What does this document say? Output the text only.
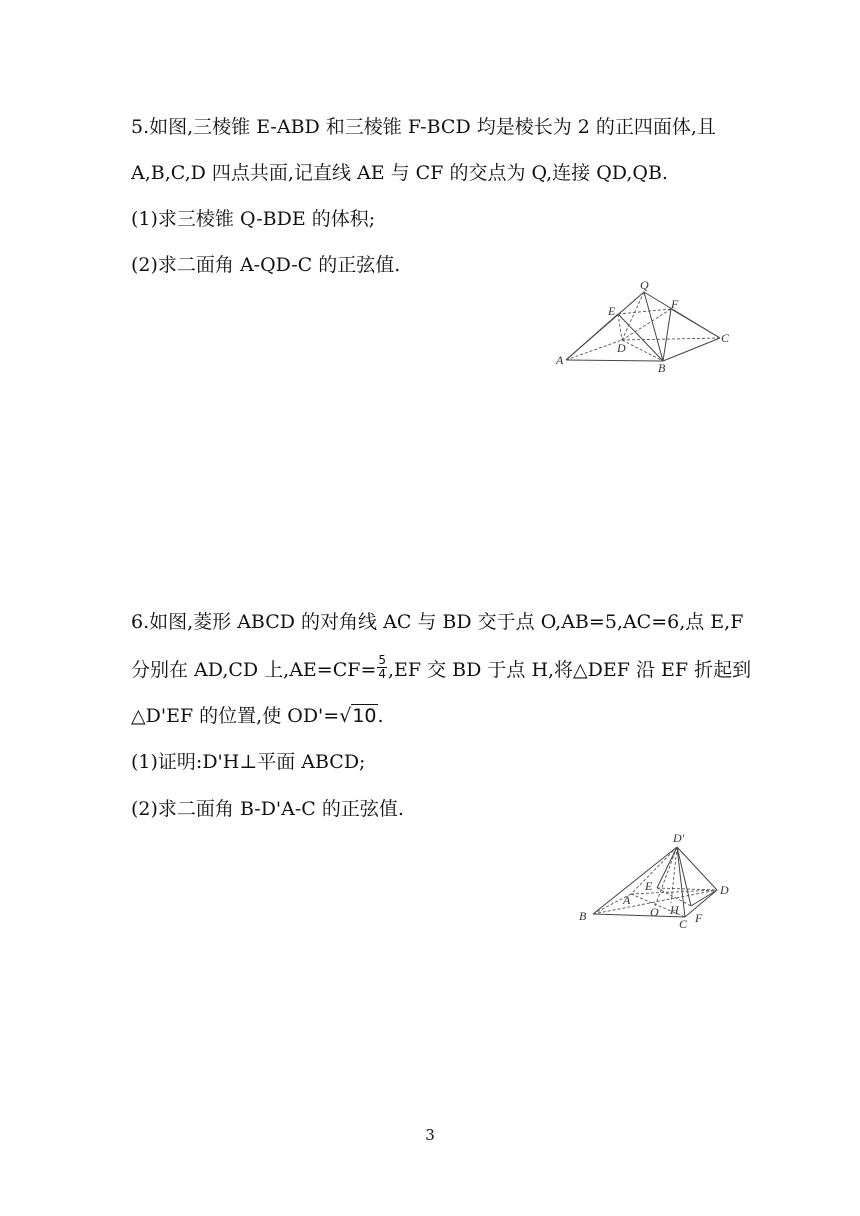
5.如图,三棱锥 E-ABD 和三棱锥 F-BCD 均是棱长为 2 的正四面体,且
A,B,C,D 四点共面,记直线 AE 与 CF 的交点为 Q,连接 QD,QB.
(1)求三棱锥 Q-BDE 的体积;
(2)求二面角 A-QD-C 的正弦值.
Q
E	F
D
C
A
B
6.如图,菱形 ABCD 的对角线 AC 与 BD 交于点 O,AB=5,AC=6,点 E,F
分别在 AD,CD 上$,AE=CF= \frac{5}{4} ,EF$ 交 BD 于点 H,将△DEF 沿 EF 折起到
△D'EF 的位置,使 OD'=√10.
(1)证明:D'H⊥平面 ABCD;
(2)求二面角 B-D'A-C 的正弦值.
D′
E
A
O H
D
B
C F
3
